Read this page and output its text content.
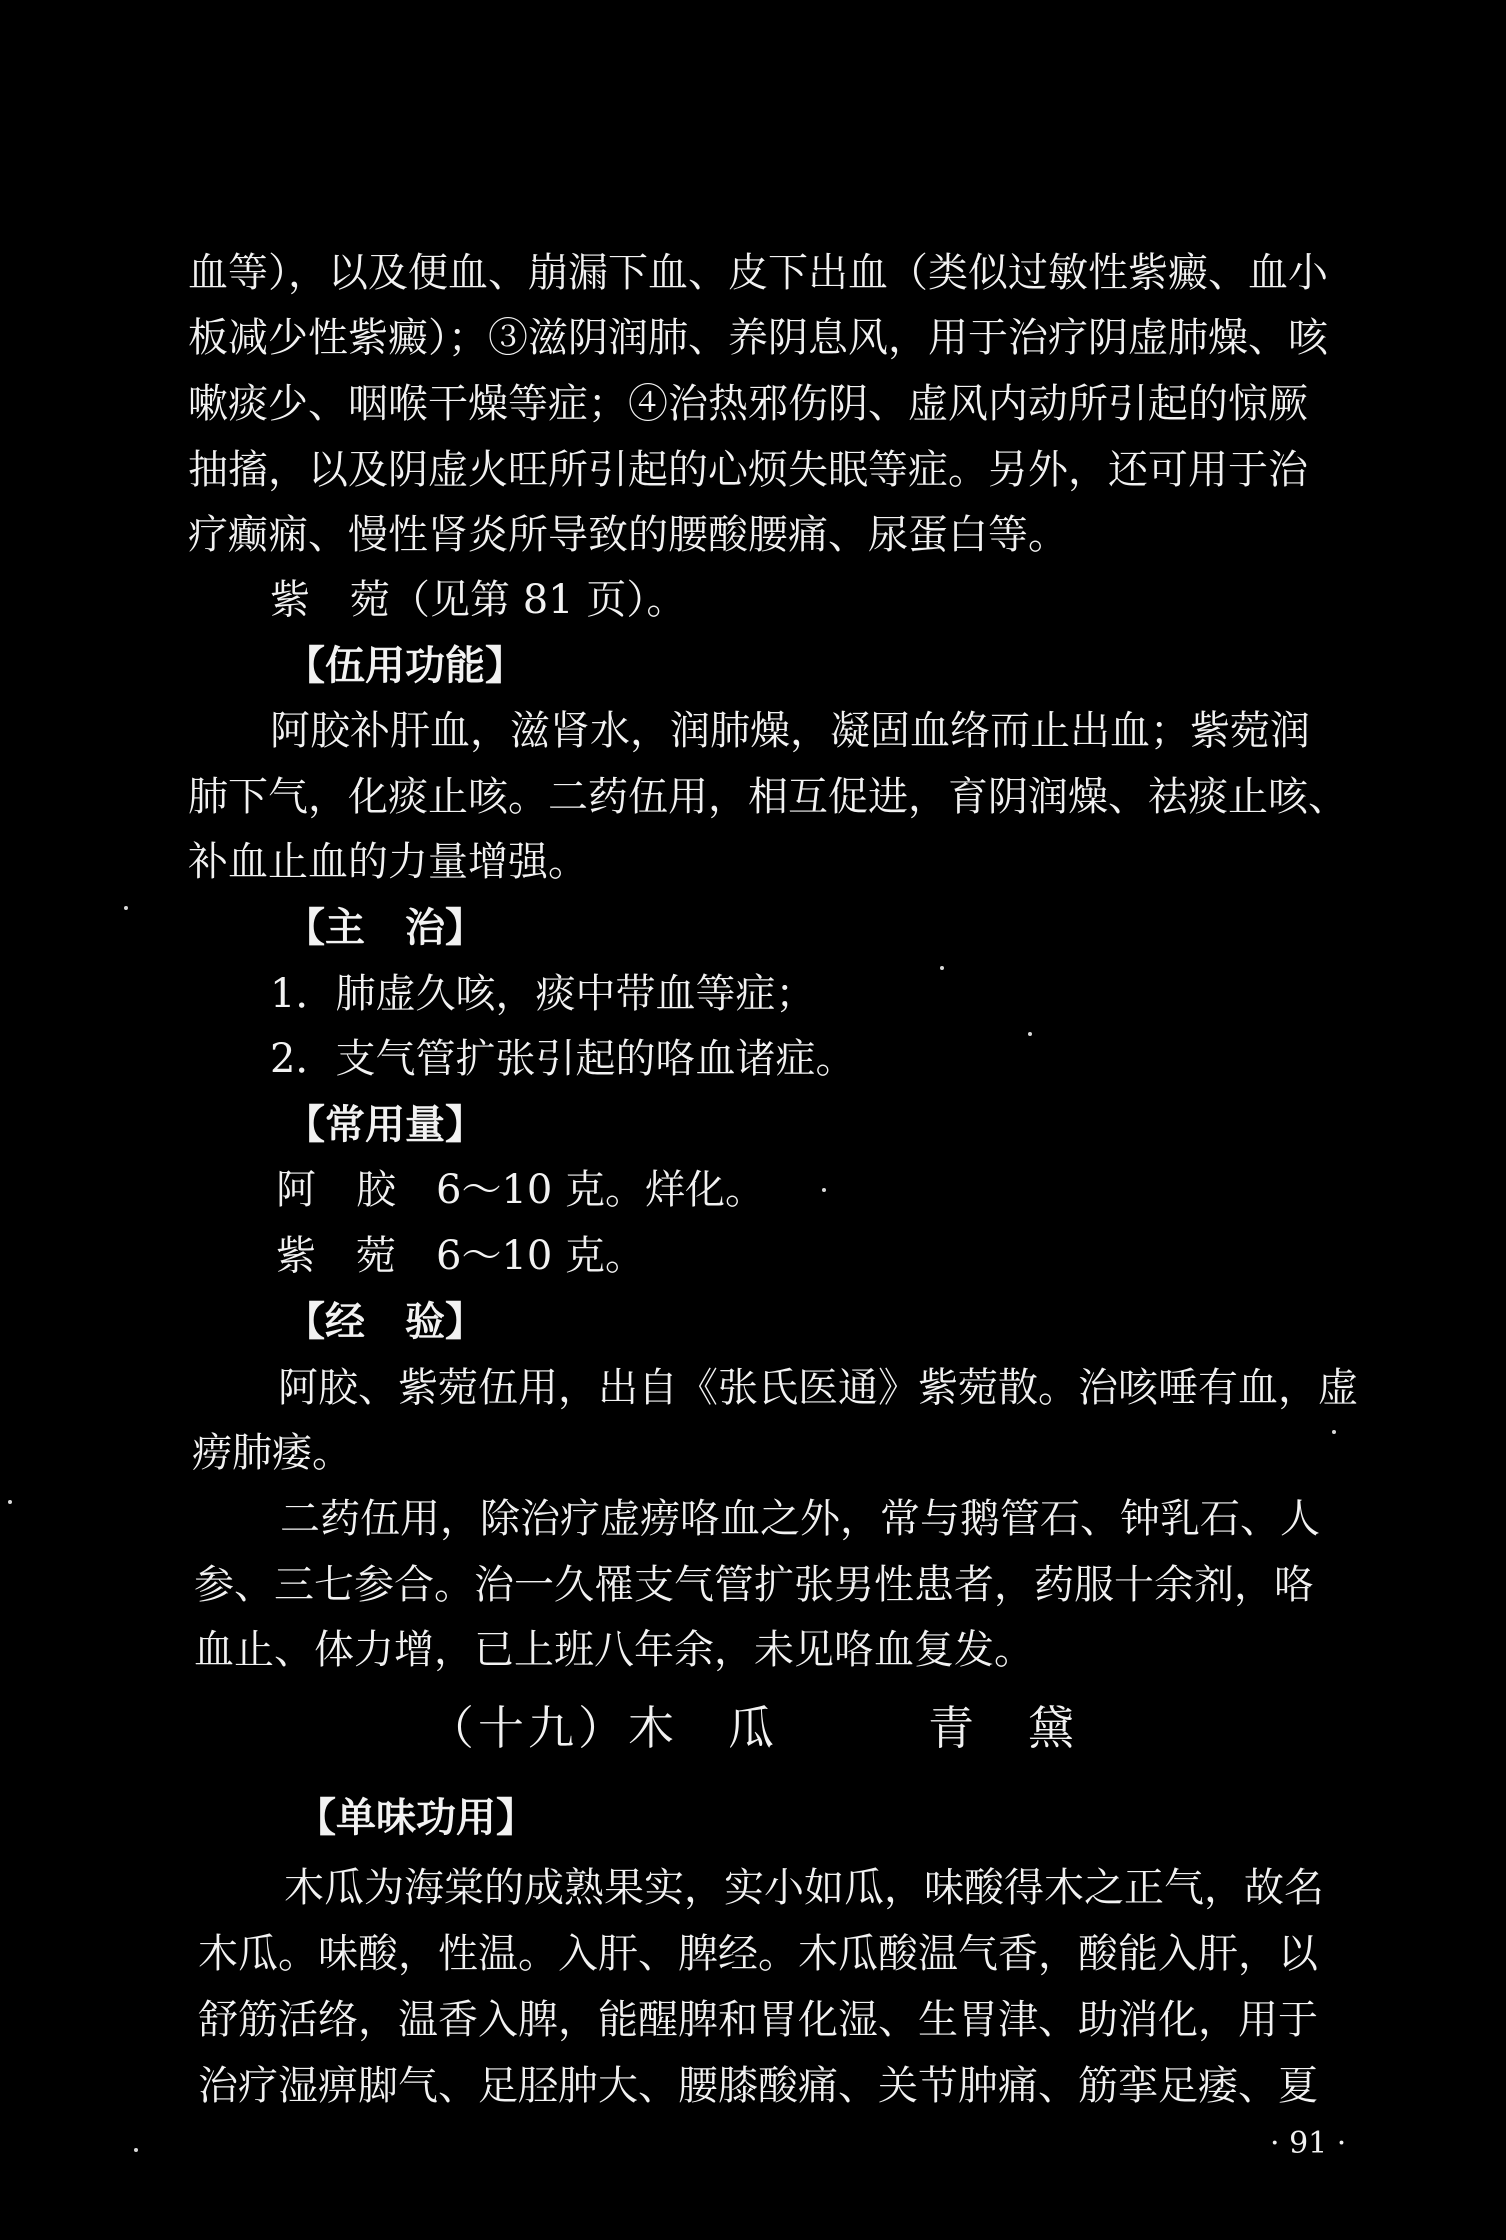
血等），以及便血、崩漏下血、皮下出血（类似过敏性紫癜、血小
板减少性紫癜）；③滋阴润肺、养阴息风，用于治疗阴虚肺燥、咳
嗽痰少、咽喉干燥等症；④治热邪伤阴、虚风内动所引起的惊厥
抽搐，以及阴虚火旺所引起的心烦失眠等症。另外，还可用于治
疗癫痫、慢性肾炎所导致的腰酸腰痛、尿蛋白等。
紫　菀（见第 81 页）。
【伍用功能】
阿胶补肝血，滋肾水，润肺燥，凝固血络而止出血；紫菀润
肺下气，化痰止咳。二药伍用，相互促进，育阴润燥、祛痰止咳、
补血止血的力量增强。
【主　治】
1．肺虚久咳，痰中带血等症；
2．支气管扩张引起的咯血诸症。
【常用量】
阿　胶　6～10 克。烊化。
紫　菀　6～10 克。
【经　验】
阿胶、紫菀伍用，出自《张氏医通》紫菀散。治咳唾有血，虚
痨肺痿。
二药伍用，除治疗虚痨咯血之外，常与鹅管石、钟乳石、人
参、三七参合。治一久罹支气管扩张男性患者，药服十余剂，咯
血止、体力增，已上班八年余，未见咯血复发。
（十九）木　瓜　　　青　黛
【单味功用】
木瓜为海棠的成熟果实，实小如瓜，味酸得木之正气，故名
木瓜。味酸，性温。入肝、脾经。木瓜酸温气香，酸能入肝，以
舒筋活络，温香入脾，能醒脾和胃化湿、生胃津、助消化，用于
治疗湿痹脚气、足胫肿大、腰膝酸痛、关节肿痛、筋挛足痿、夏
· 91 ·
